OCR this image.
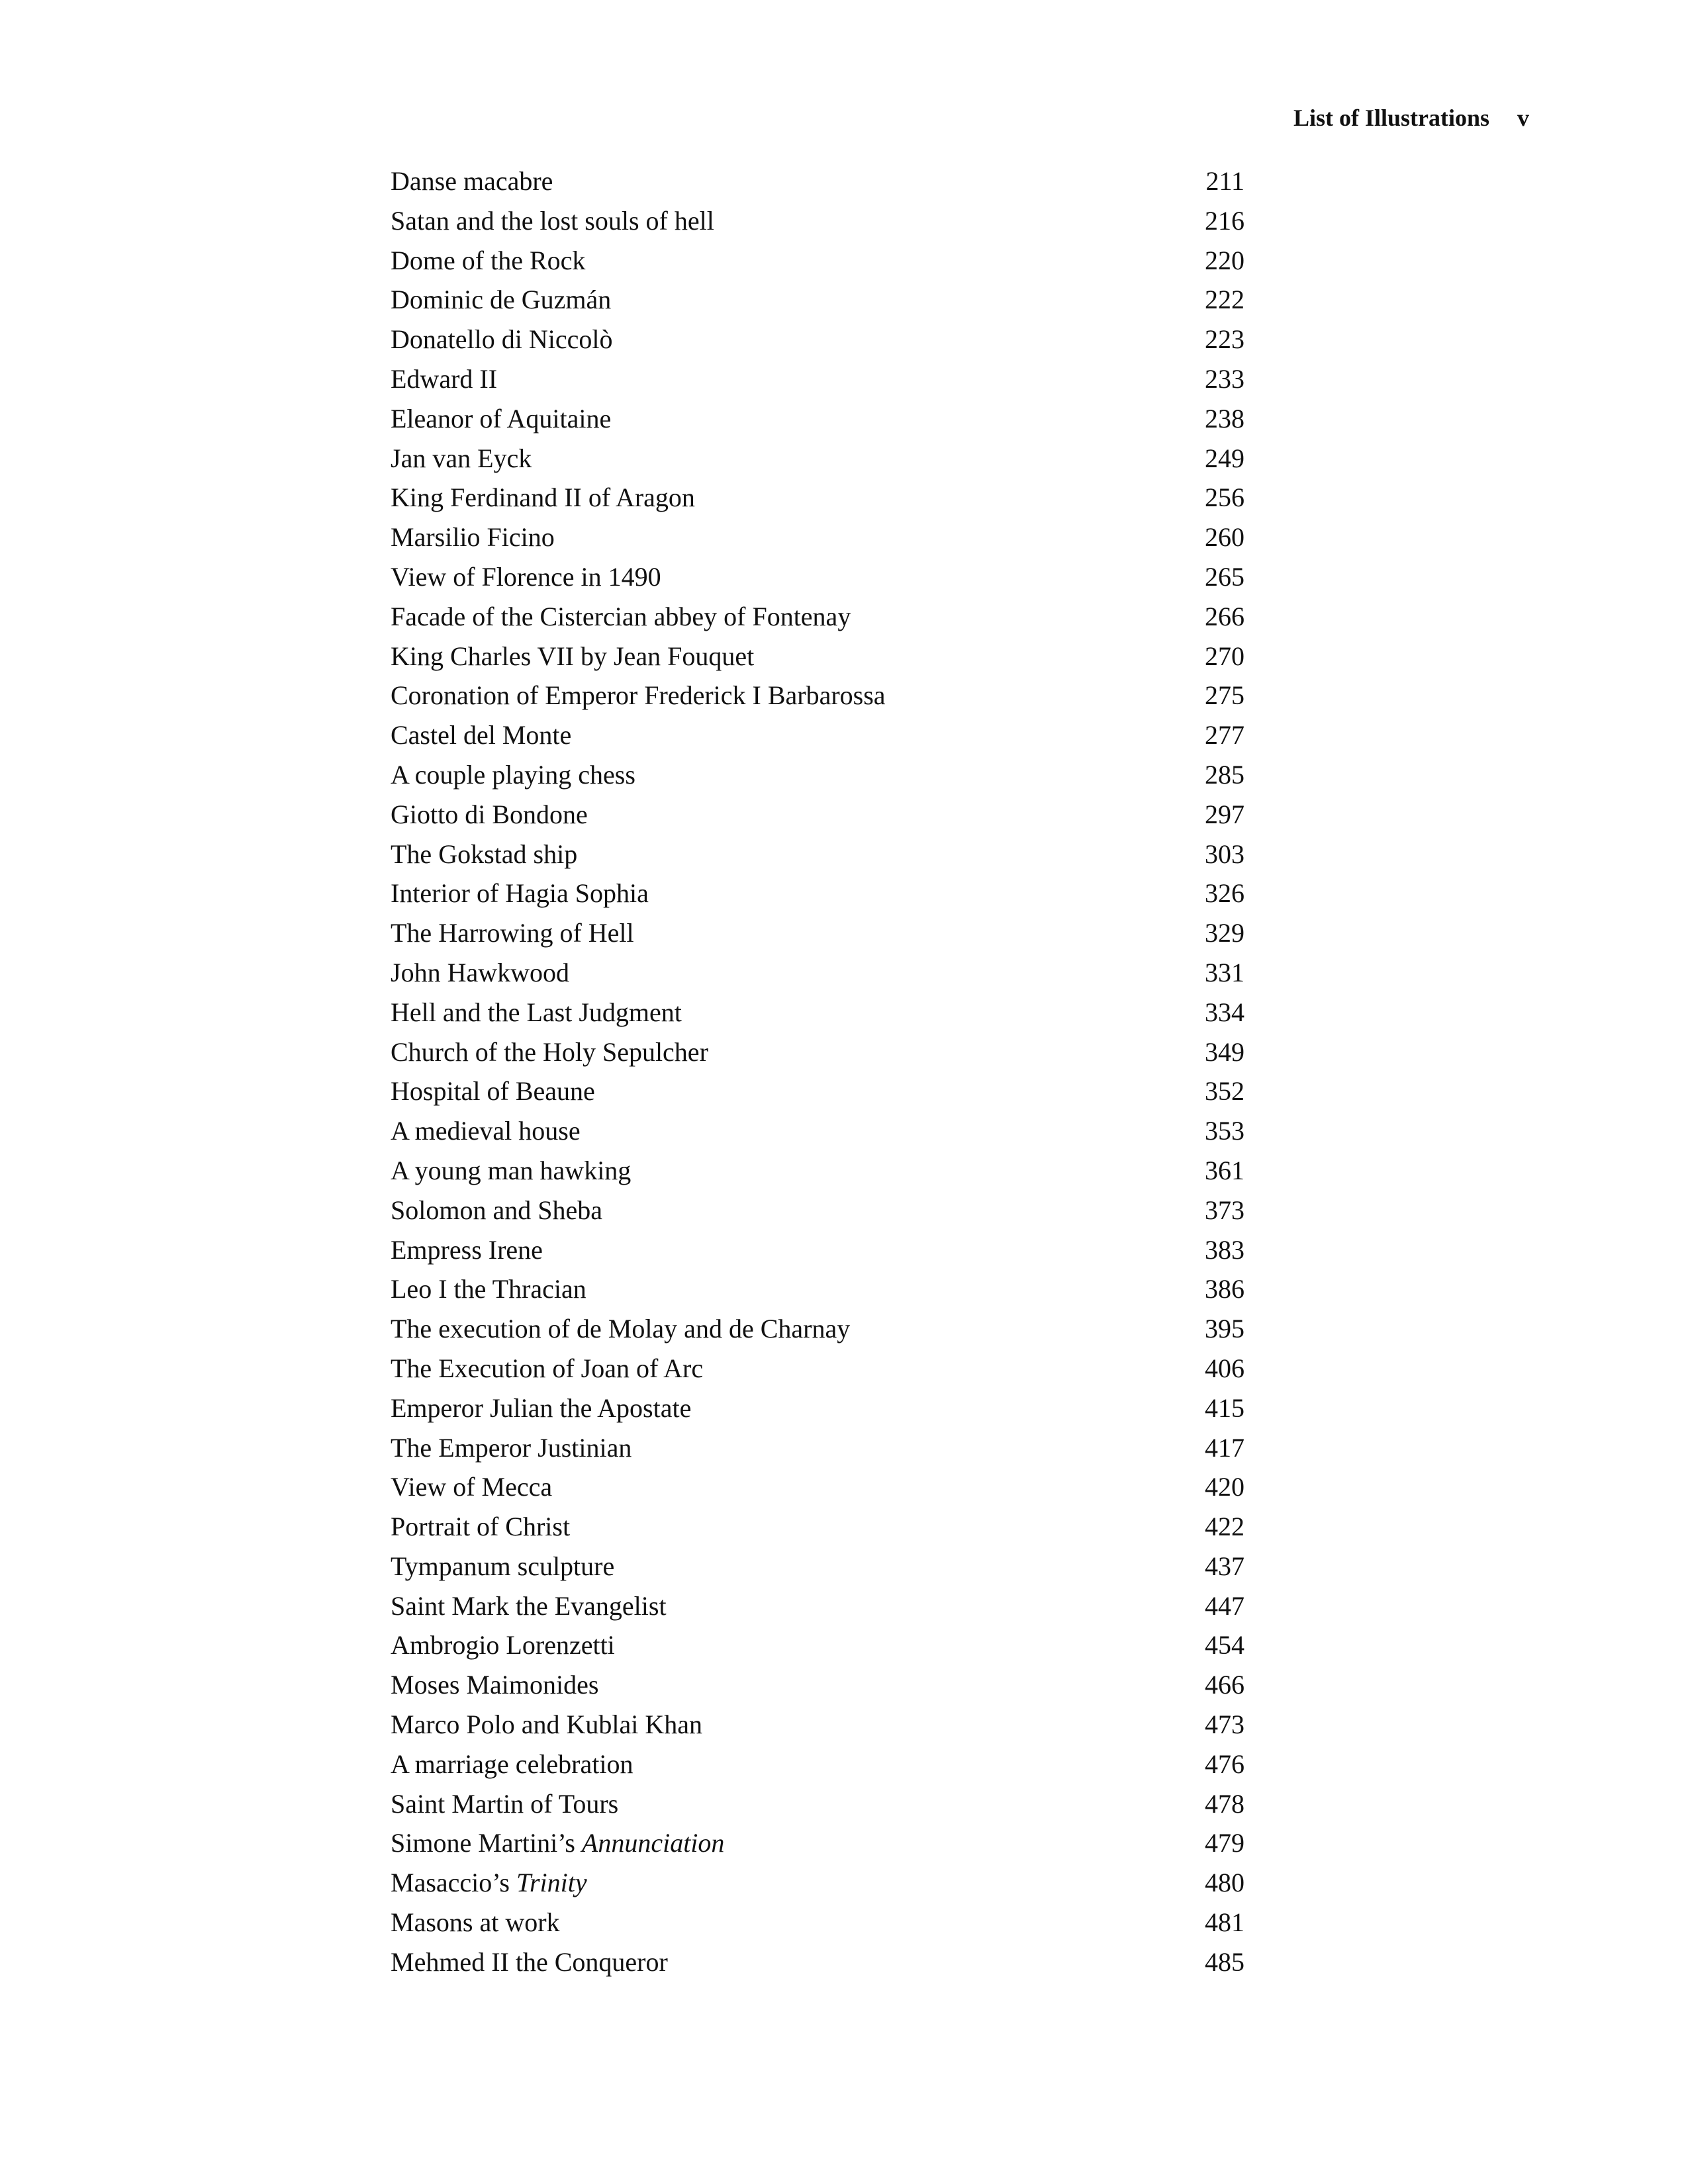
List of Illustrations v
Danse macabre	211
Satan and the lost souls of hell	216
Dome of the Rock	220
Dominic de Guzmán	222
Donatello di Niccolò	223
Edward II	233
Eleanor of Aquitaine	238
Jan van Eyck	249
King Ferdinand II of Aragon	256
Marsilio Ficino	260
View of Florence in 1490	265
Facade of the Cistercian abbey of Fontenay	266
King Charles VII by Jean Fouquet	270
Coronation of Emperor Frederick I Barbarossa	275
Castel del Monte	277
A couple playing chess	285
Giotto di Bondone	297
The Gokstad ship	303
Interior of Hagia Sophia	326
The Harrowing of Hell	329
John Hawkwood	331
Hell and the Last Judgment	334
Church of the Holy Sepulcher	349
Hospital of Beaune	352
A medieval house	353
A young man hawking	361
Solomon and Sheba	373
Empress Irene	383
Leo I the Thracian	386
The execution of de Molay and de Charnay	395
The Execution of Joan of Arc	406
Emperor Julian the Apostate	415
The Emperor Justinian	417
View of Mecca	420
Portrait of Christ	422
Tympanum sculpture	437
Saint Mark the Evangelist	447
Ambrogio Lorenzetti	454
Moses Maimonides	466
Marco Polo and Kublai Khan	473
A marriage celebration	476
Saint Martin of Tours	478
Simone Martini’s Annunciation	479
Masaccio’s Trinity	480
Masons at work	481
Mehmed II the Conqueror	485
